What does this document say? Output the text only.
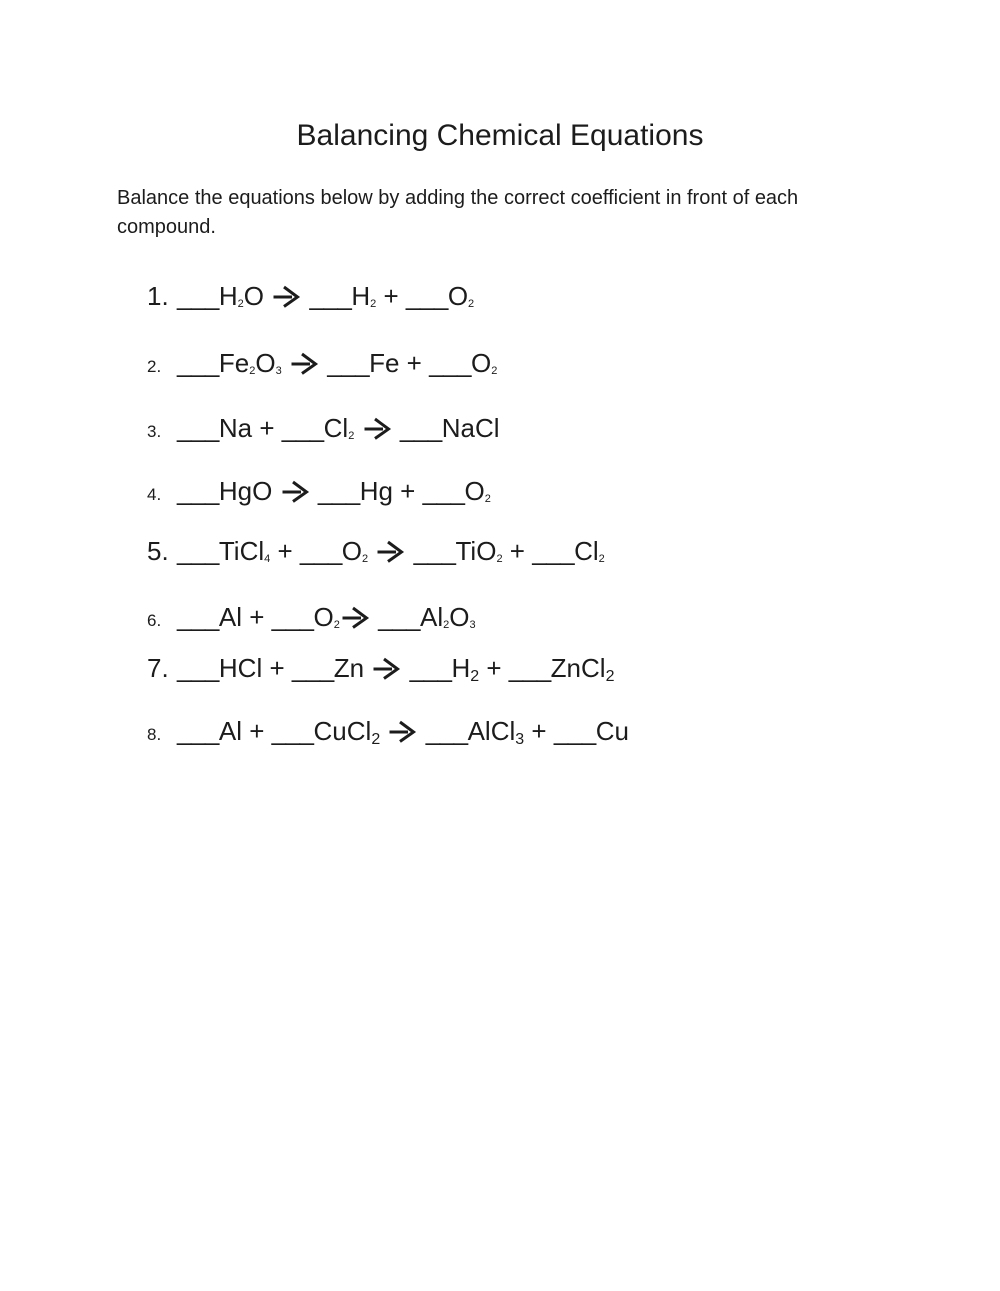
Balancing Chemical Equations

Balance the equations below by adding the correct coefficient in front of each compound.

1. $\_\_\_H_2O$
$\_\_\_H_2$ + $\_\_\_O_2$
2. $\_\_\_Fe_2O_3$ ___Fe + $\_\_\_O_2$
3. ___Na + $\_\_\_Cl_2$ ___NaCl
4. ___HgO
___Hg + $\_\_\_O_2$
5. ___TiCl$_4$ + $\_\_\_O_2$ ___TiO$_2$ + $\_\_\_Cl_2$
6. ___Al + $\_\_\_O_2$ $\_\_\_Al_2O_3$
7. ___HCl + ___Zn
$\_\_\_H_2$ + ___ZnCl$_2$
8. ___Al + ___CuCl$_2$ ___AlCl$_3$ + ___Cu
